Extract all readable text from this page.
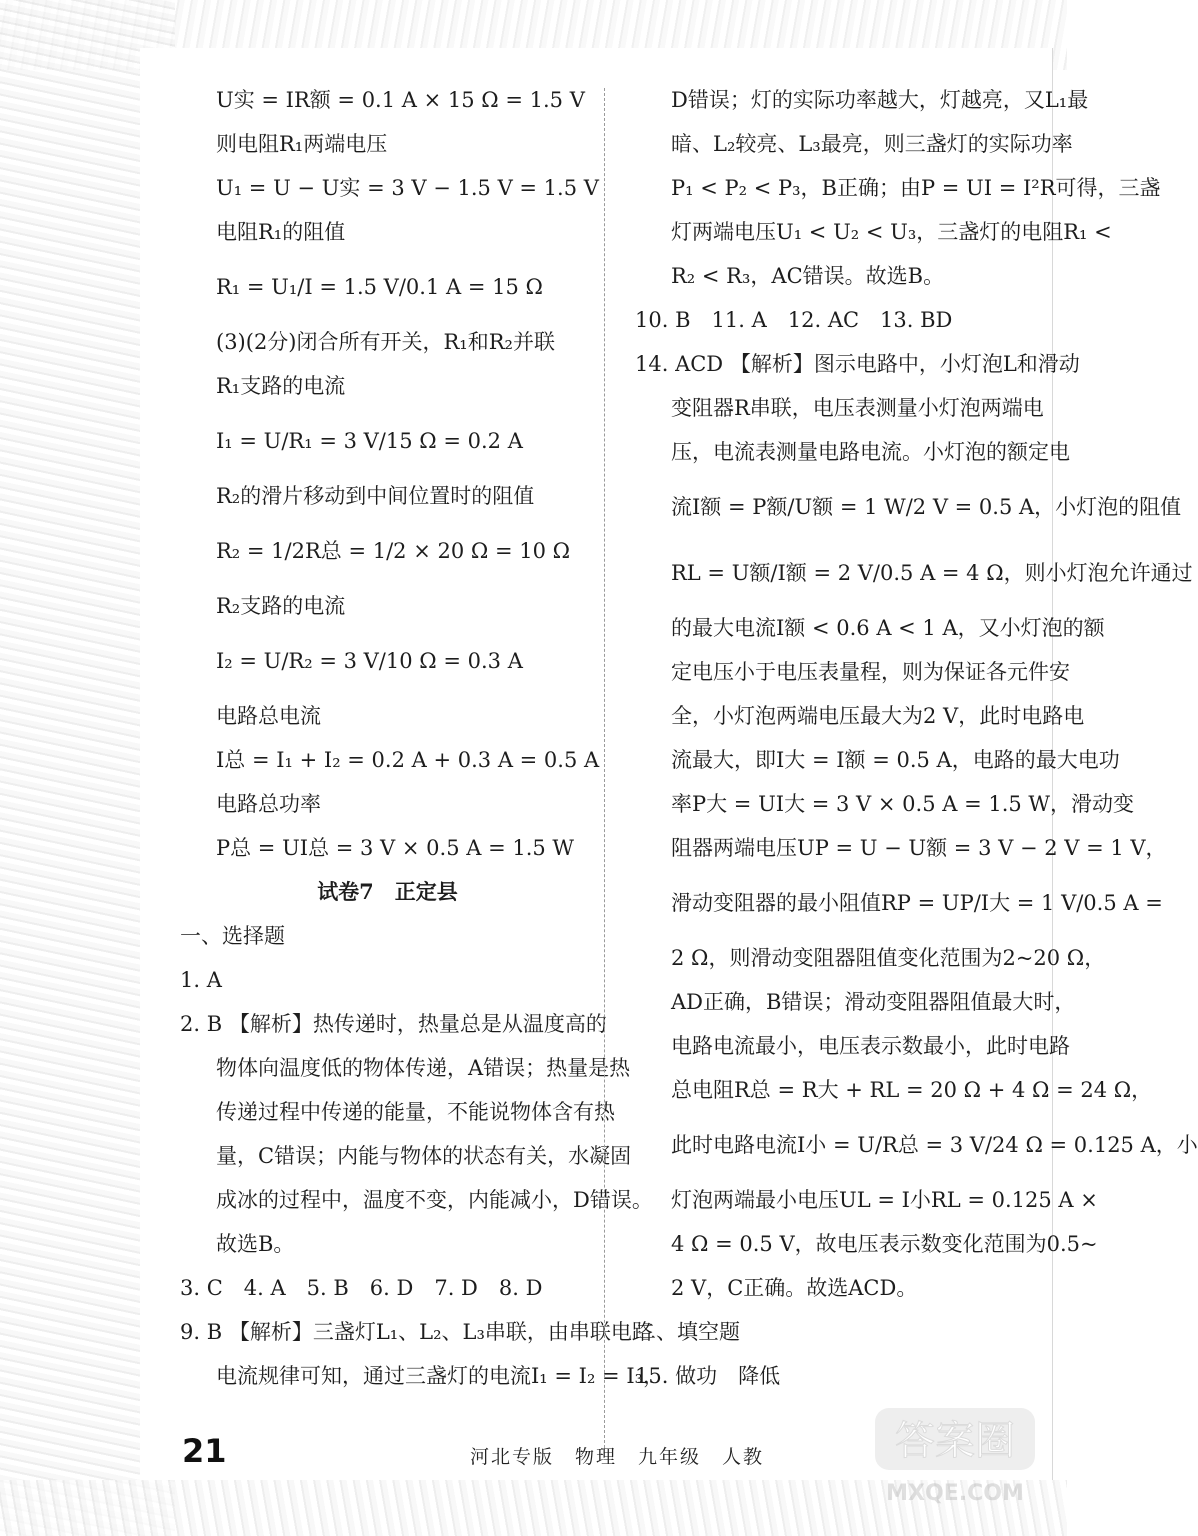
U实 = IR额 = 0.1 A × 15 Ω = 1.5 V
则电阻R₁两端电压
U₁ = U − U实 = 3 V − 1.5 V = 1.5 V
电阻R₁的阻值
R₁ = U₁/I = 1.5 V/0.1 A = 15 Ω
(3)(2分)闭合所有开关，R₁和R₂并联
R₁支路的电流
I₁ = U/R₁ = 3 V/15 Ω = 0.2 A
R₂的滑片移动到中间位置时的阻值
R₂ = 1/2R总 = 1/2 × 20 Ω = 10 Ω
R₂支路的电流
I₂ = U/R₂ = 3 V/10 Ω = 0.3 A
电路总电流
I总 = I₁ + I₂ = 0.2 A + 0.3 A = 0.5 A
电路总功率
P总 = UI总 = 3 V × 0.5 A = 1.5 W
试卷7　正定县
一、选择题
1. A
2. B 【解析】热传递时，热量总是从温度高的
物体向温度低的物体传递，A错误；热量是热
传递过程中传递的能量，不能说物体含有热
量，C错误；内能与物体的状态有关，水凝固
成冰的过程中，温度不变，内能减小，D错误。
故选B。
3. C　4. A　5. B　6. D　7. D　8. D
9. B 【解析】三盏灯L₁、L₂、L₃串联，由串联电路
电流规律可知，通过三盏灯的电流I₁ = I₂ = I₃，
D错误；灯的实际功率越大，灯越亮，又L₁最
暗、L₂较亮、L₃最亮，则三盏灯的实际功率
P₁ < P₂ < P₃，B正确；由P = UI = I²R可得，三盏
灯两端电压U₁ < U₂ < U₃，三盏灯的电阻R₁ <
R₂ < R₃，AC错误。故选B。
10. B　11. A　12. AC　13. BD
14. ACD 【解析】图示电路中，小灯泡L和滑动
变阻器R串联，电压表测量小灯泡两端电
压，电流表测量电路电流。小灯泡的额定电
流I额 = P额/U额 = 1 W/2 V = 0.5 A，小灯泡的阻值
RL = U额/I额 = 2 V/0.5 A = 4 Ω，则小灯泡允许通过
的最大电流I额 < 0.6 A < 1 A，又小灯泡的额
定电压小于电压表量程，则为保证各元件安
全，小灯泡两端电压最大为2 V，此时电路电
流最大，即I大 = I额 = 0.5 A，电路的最大电功
率P大 = UI大 = 3 V × 0.5 A = 1.5 W，滑动变
阻器两端电压UP = U − U额 = 3 V − 2 V = 1 V，
滑动变阻器的最小阻值RP = UP/I大 = 1 V/0.5 A =
2 Ω，则滑动变阻器阻值变化范围为2~20 Ω，
AD正确，B错误；滑动变阻器阻值最大时，
电路电流最小，电压表示数最小，此时电路
总电阻R总 = R大 + RL = 20 Ω + 4 Ω = 24 Ω，
此时电路电流I小 = U/R总 = 3 V/24 Ω = 0.125 A，小
灯泡两端最小电压UL = I小RL = 0.125 A ×
4 Ω = 0.5 V，故电压表示数变化范围为0.5~
2 V，C正确。故选ACD。
二、填空题
15. 做功　降低
21	河北专版　物理　九年级　人教	答案圈
MXQE.COM
